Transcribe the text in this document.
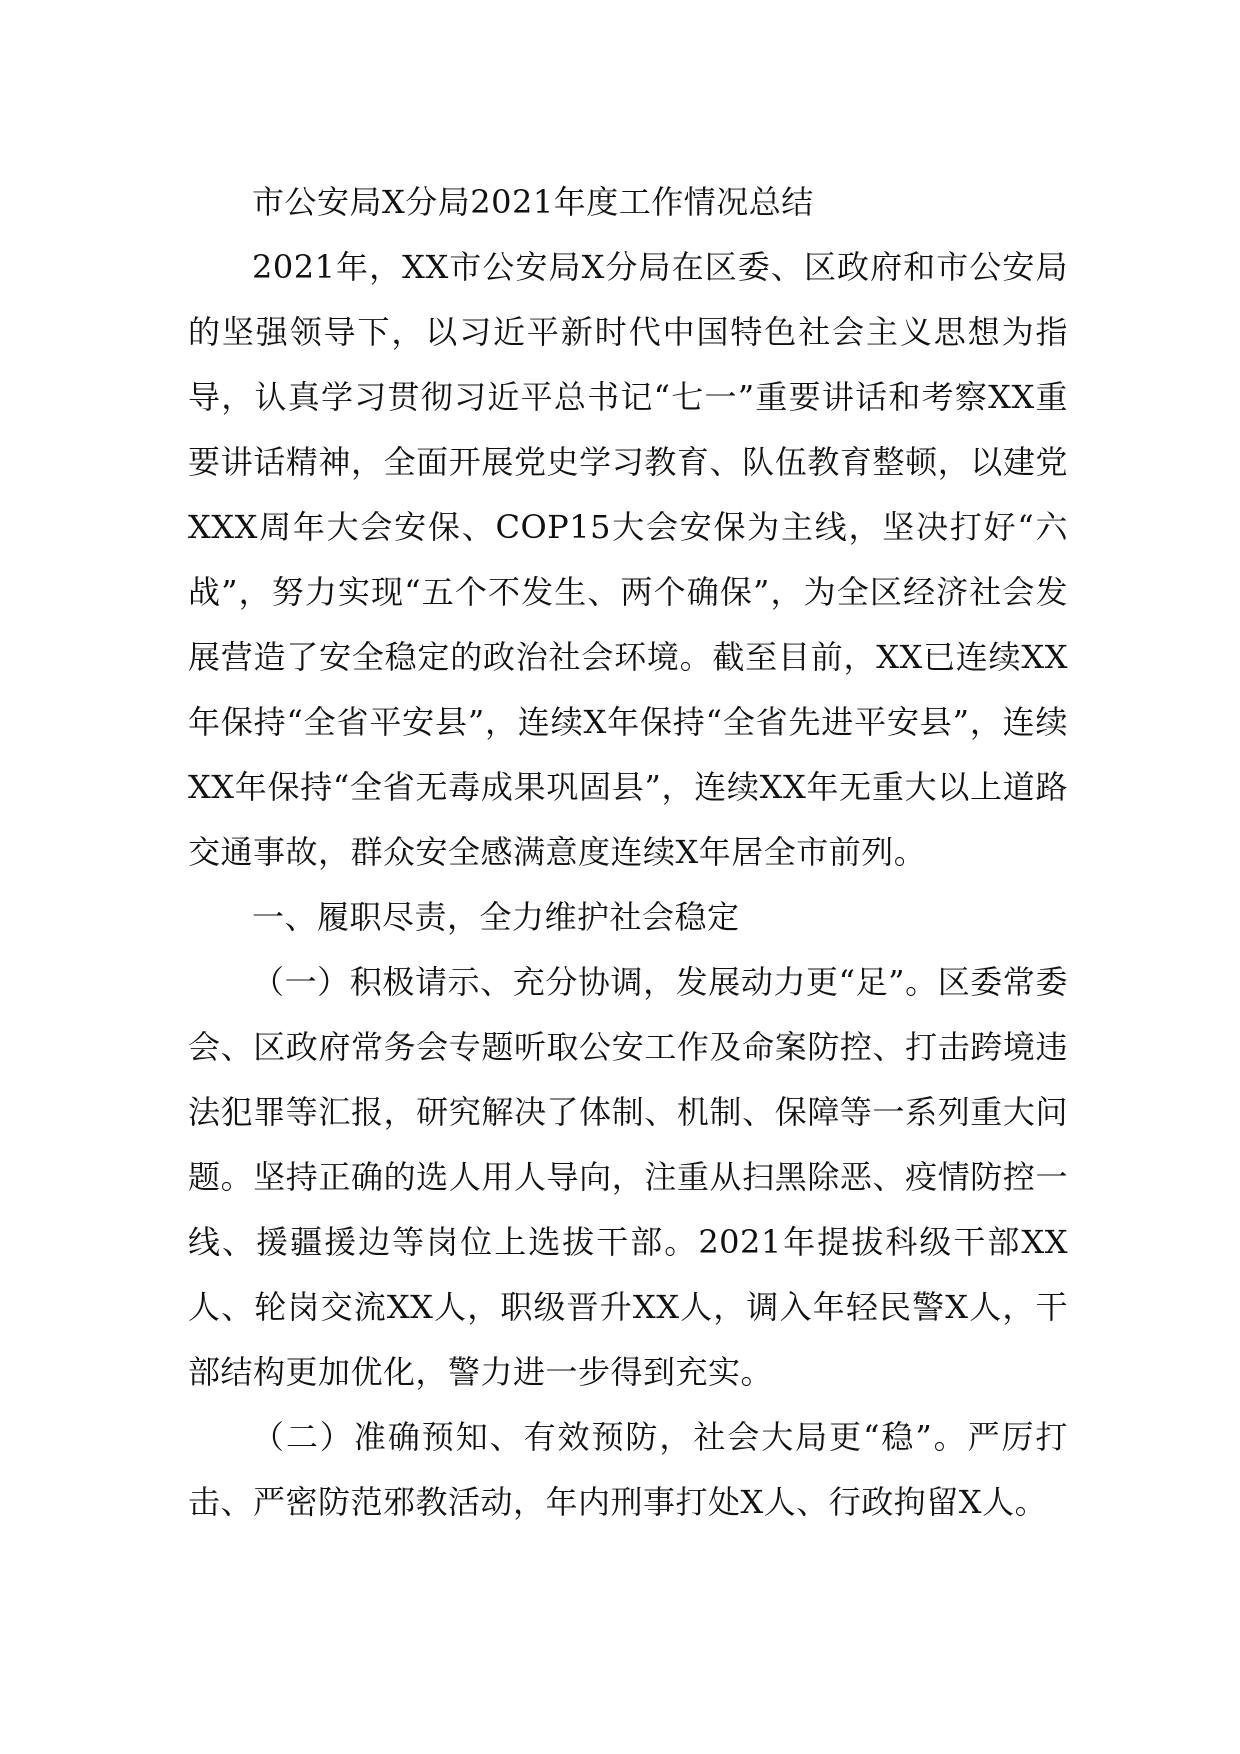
市公安局X分局2021年度工作情况总结

2021年，XX市公安局X分局在区委、区政府和市公安局的坚强领导下，以习近平新时代中国特色社会主义思想为指导，认真学习贯彻习近平总书记“七一”重要讲话和考察XX重要讲话精神，全面开展党史学习教育、队伍教育整顿，以建党XXX周年大会安保、COP15大会安保为主线，坚决打好“六战”，努力实现“五个不发生、两个确保”，为全区经济社会发展营造了安全稳定的政治社会环境。截至目前，XX已连续XX年保持“全省平安县”，连续X年保持“全省先进平安县”，连续XX年保持“全省无毒成果巩固县”，连续XX年无重大以上道路交通事故，群众安全感满意度连续X年居全市前列。

一、履职尽责，全力维护社会稳定

（一）积极请示、充分协调，发展动力更“足”。区委常委会、区政府常务会专题听取公安工作及命案防控、打击跨境违法犯罪等汇报，研究解决了体制、机制、保障等一系列重大问题。坚持正确的选人用人导向，注重从扫黑除恶、疫情防控一线、援疆援边等岗位上选拔干部。2021年提拔科级干部XX人、轮岗交流XX人，职级晋升XX人，调入年轻民警X人，干部结构更加优化，警力进一步得到充实。

（二）准确预知、有效预防，社会大局更“稳”。严厉打击、严密防范邪教活动，年内刑事打处X人、行政拘留X人。
